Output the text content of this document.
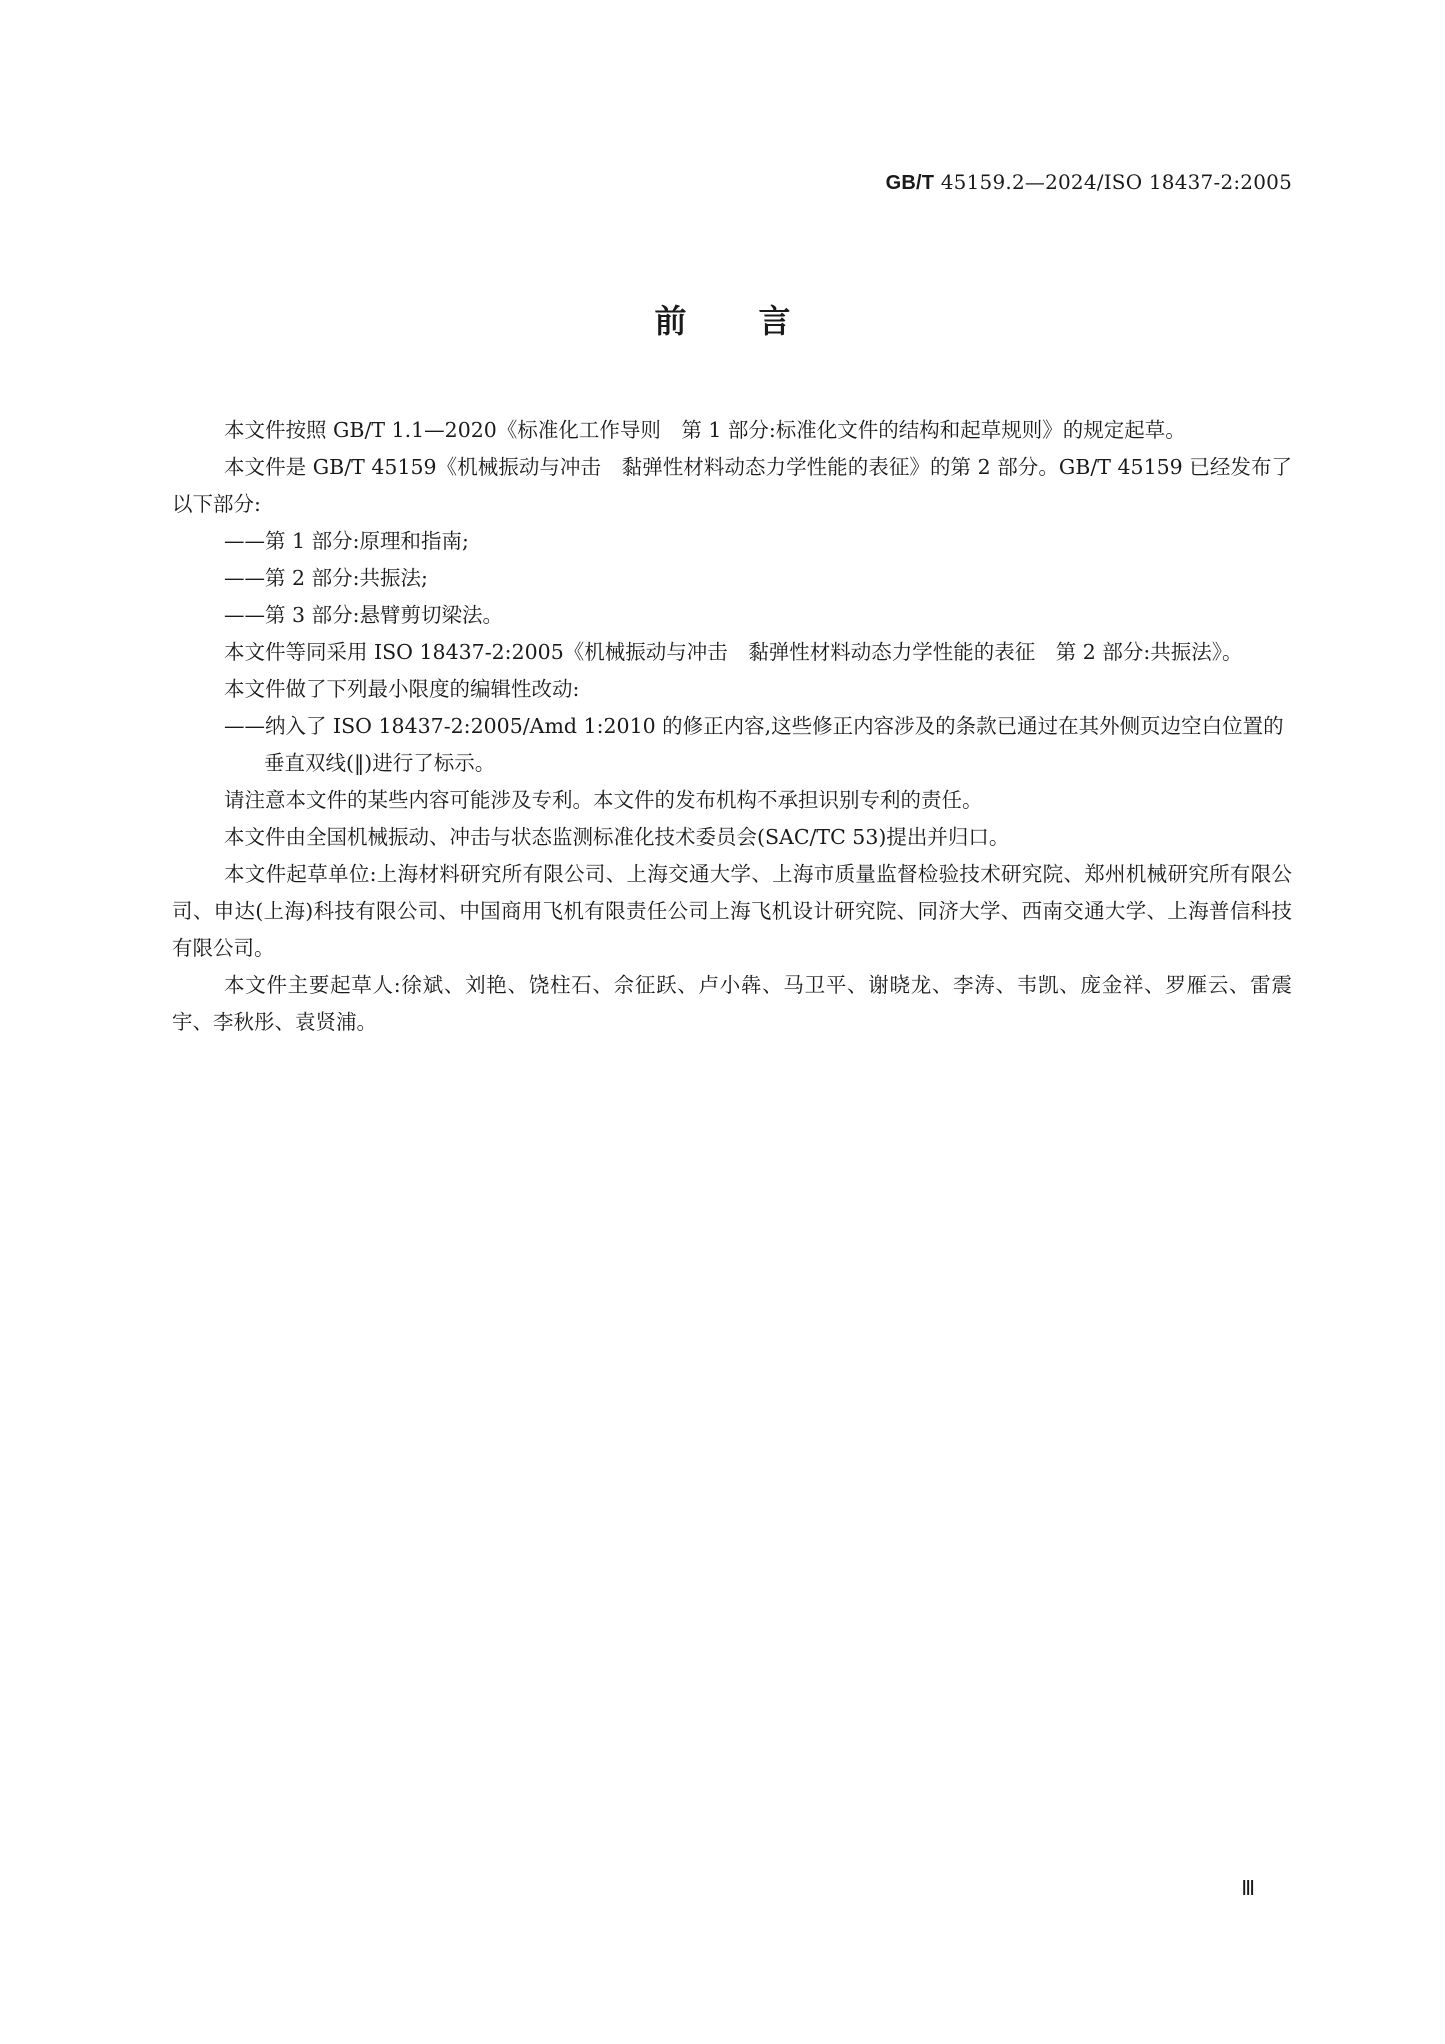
GB/T 45159.2—2024/ISO 18437-2:2005
前言

本文件按照 GB/T 1.1—2020《标准化工作导则　第 1 部分:标准化文件的结构和起草规则》的规定起草。

本文件是 GB/T 45159《机械振动与冲击　黏弹性材料动态力学性能的表征》的第 2 部分。GB/T 45159 已经发布了以下部分:

——第 1 部分:原理和指南;

——第 2 部分:共振法;

——第 3 部分:悬臂剪切梁法。

本文件等同采用 ISO 18437-2:2005《机械振动与冲击　黏弹性材料动态力学性能的表征　第 2 部分:共振法》。

本文件做了下列最小限度的编辑性改动:

——纳入了 ISO 18437-2:2005/Amd 1:2010 的修正内容,这些修正内容涉及的条款已通过在其外侧页边空白位置的垂直双线(‖)进行了标示。

请注意本文件的某些内容可能涉及专利。本文件的发布机构不承担识别专利的责任。

本文件由全国机械振动、冲击与状态监测标准化技术委员会(SAC/TC 53)提出并归口。

本文件起草单位:上海材料研究所有限公司、上海交通大学、上海市质量监督检验技术研究院、郑州机械研究所有限公司、申达(上海)科技有限公司、中国商用飞机有限责任公司上海飞机设计研究院、同济大学、西南交通大学、上海普信科技有限公司。

本文件主要起草人:徐斌、刘艳、饶柱石、佘征跃、卢小犇、马卫平、谢晓龙、李涛、韦凯、庞金祥、罗雁云、雷震宇、李秋彤、袁贤浦。

Ⅲ
